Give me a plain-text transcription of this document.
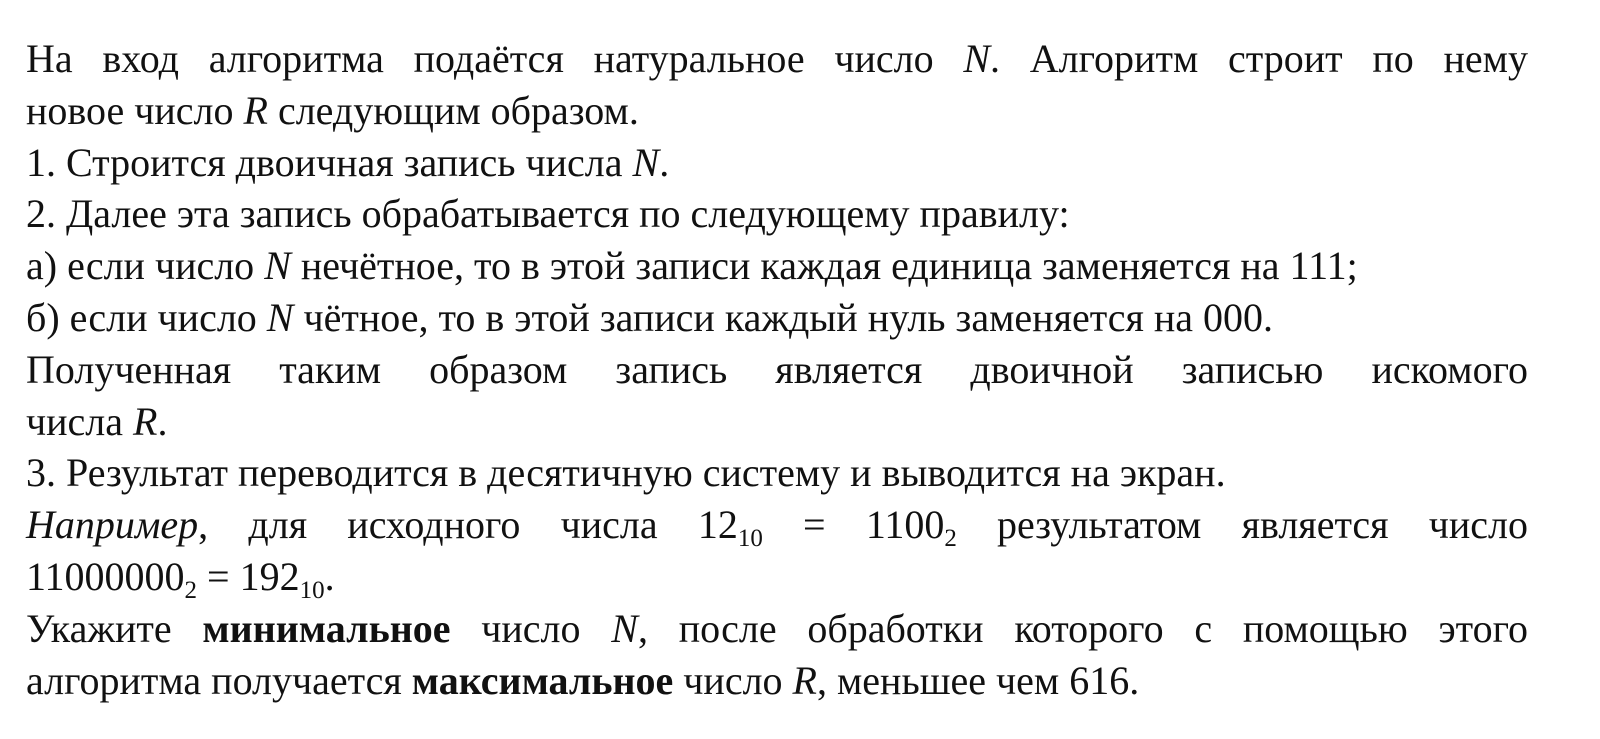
На вход алгоритма подаётся натуральное число N. Алгоритм строит по нему
новое число R следующим образом.
1. Строится двоичная запись числа N.
2. Далее эта запись обрабатывается по следующему правилу:
а) если число N нечётное, то в этой записи каждая единица заменяется на 111;
б) если число N чётное, то в этой записи каждый нуль заменяется на 000.
Полученная таким образом запись является двоичной записью искомого
числа R.
3. Результат переводится в десятичную систему и выводится на экран.
Например, для исходного числа $12_{10} = 1100_2$ результатом является число
$11000000_2 = 192_{10}$.
Укажите минимальное число N, после обработки которого с помощью этого
алгоритма получается максимальное число R, меньшее чем 616.
